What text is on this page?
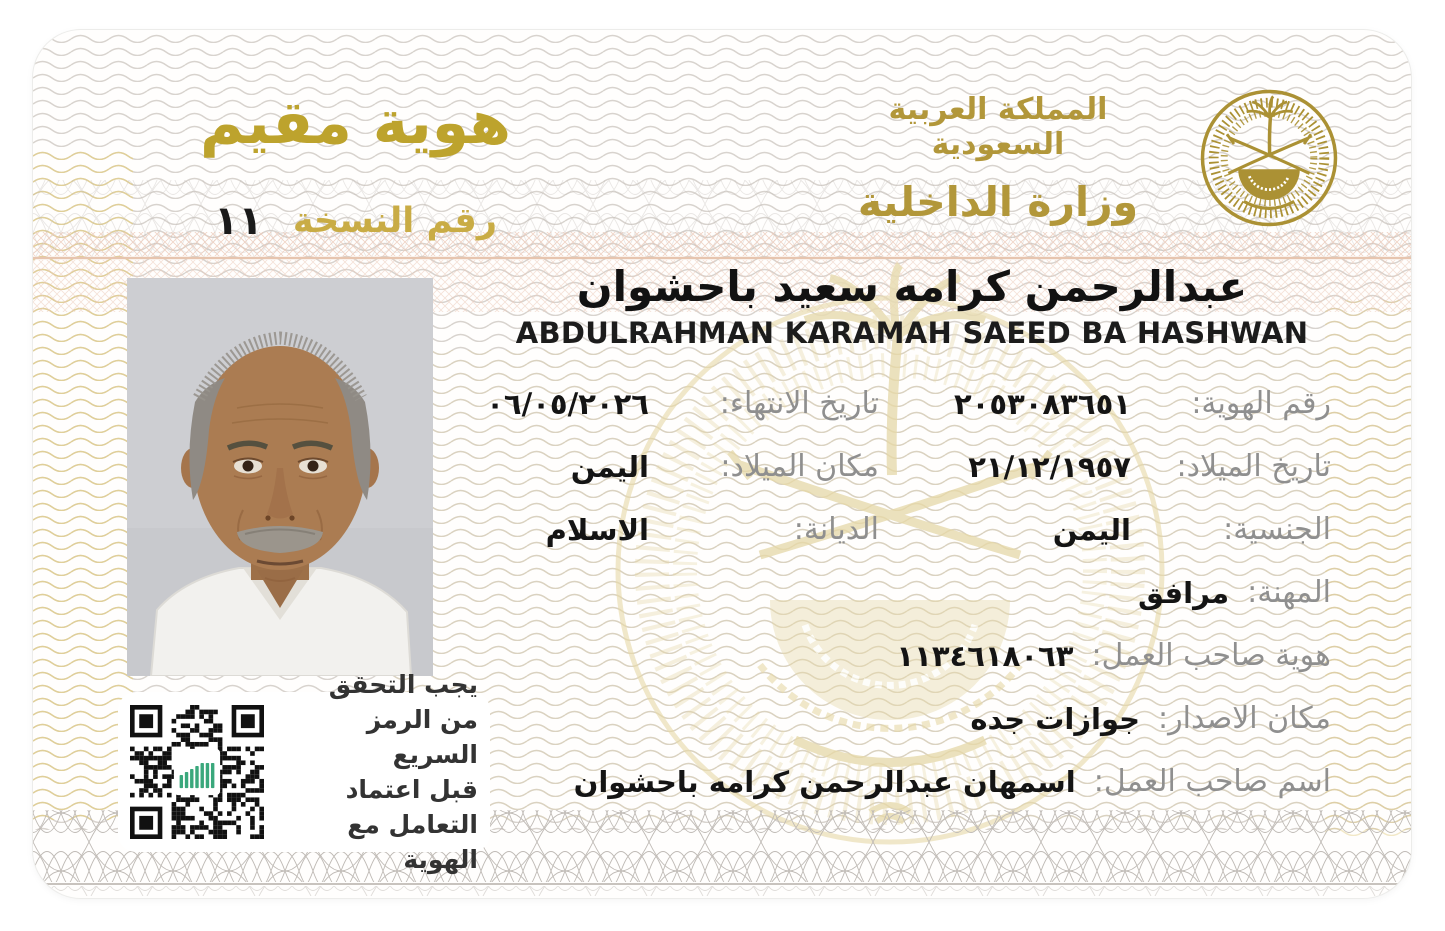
هوية مقيم
رقم النسخة
١١
المملكة العربية السعودية
وزارة الداخلية
عبدالرحمن كرامه سعيد باحشوان
ABDULRAHMAN KARAMAH SAEED BA HASHWAN
رقم الهوية:
٢٠٥٣٠٨٣٦٥١
تاريخ الانتهاء:
٠٦/٠٥/٢٠٢٦
تاريخ الميلاد:
٢١/١٢/١٩٥٧
مكان الميلاد:
اليمن
الجنسية:
اليمن
الديانة:
الاسلام
المهنة:
مرافق
هوية صاحب العمل:
١١٣٤٦١٨٠٦٣
مكان الاصدار:
جوازات جده
اسم صاحب العمل:
اسمهان عبدالرحمن كرامه باحشوان
يجب التحقق
من الرمز السريع
قبل اعتماد
التعامل مع الهوية
